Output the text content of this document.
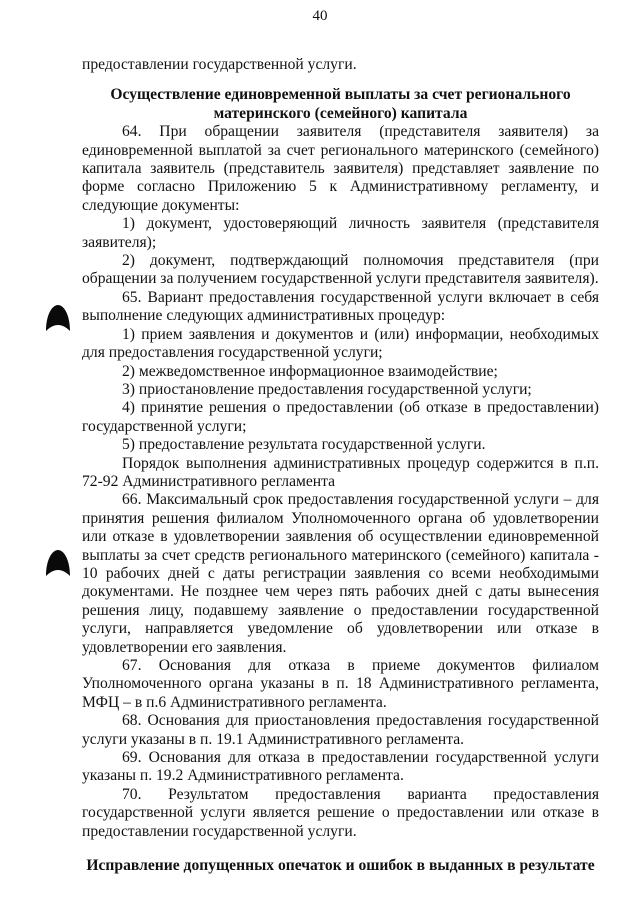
40

предоставлении государственной услуги.

Осуществление единовременной выплаты за счет регионального материнского (семейного) капитала

64. При обращении заявителя (представителя заявителя) за единовременной выплатой за счет регионального материнского (семейного) капитала заявитель (представитель заявителя) представляет заявление по форме согласно Приложению 5 к Административному регламенту, и следующие документы:

1) документ, удостоверяющий личность заявителя (представителя заявителя);

2) документ, подтверждающий полномочия представителя (при обращении за получением государственной услуги представителя заявителя).

65. Вариант предоставления государственной услуги включает в себя выполнение следующих административных процедур:

1) прием заявления и документов и (или) информации, необходимых для предоставления государственной услуги;

2) межведомственное информационное взаимодействие;

3) приостановление предоставления государственной услуги;

4) принятие решения о предоставлении (об отказе в предоставлении) государственной услуги;

5) предоставление результата государственной услуги.

Порядок выполнения административных процедур содержится в п.п. 72-92 Административного регламента

66. Максимальный срок предоставления государственной услуги – для принятия решения филиалом Уполномоченного органа об удовлетворении или отказе в удовлетворении заявления об осуществлении единовременной выплаты за счет средств регионального материнского (семейного) капитала - 10 рабочих дней с даты регистрации заявления со всеми необходимыми документами. Не позднее чем через пять рабочих дней с даты вынесения решения лицу, подавшему заявление о предоставлении государственной услуги, направляется уведомление об удовлетворении или отказе в удовлетворении его заявления.

67. Основания для отказа в приеме документов филиалом Уполномоченного органа указаны в п. 18 Административного регламента, МФЦ – в п.6 Административного регламента.

68. Основания для приостановления предоставления государственной услуги указаны в п. 19.1 Административного регламента.

69. Основания для отказа в предоставлении государственной услуги указаны п. 19.2 Административного регламента.

70. Результатом предоставления варианта предоставления государственной услуги является решение о предоставлении или отказе в предоставлении государственной услуги.

Исправление допущенных опечаток и ошибок в выданных в результате
